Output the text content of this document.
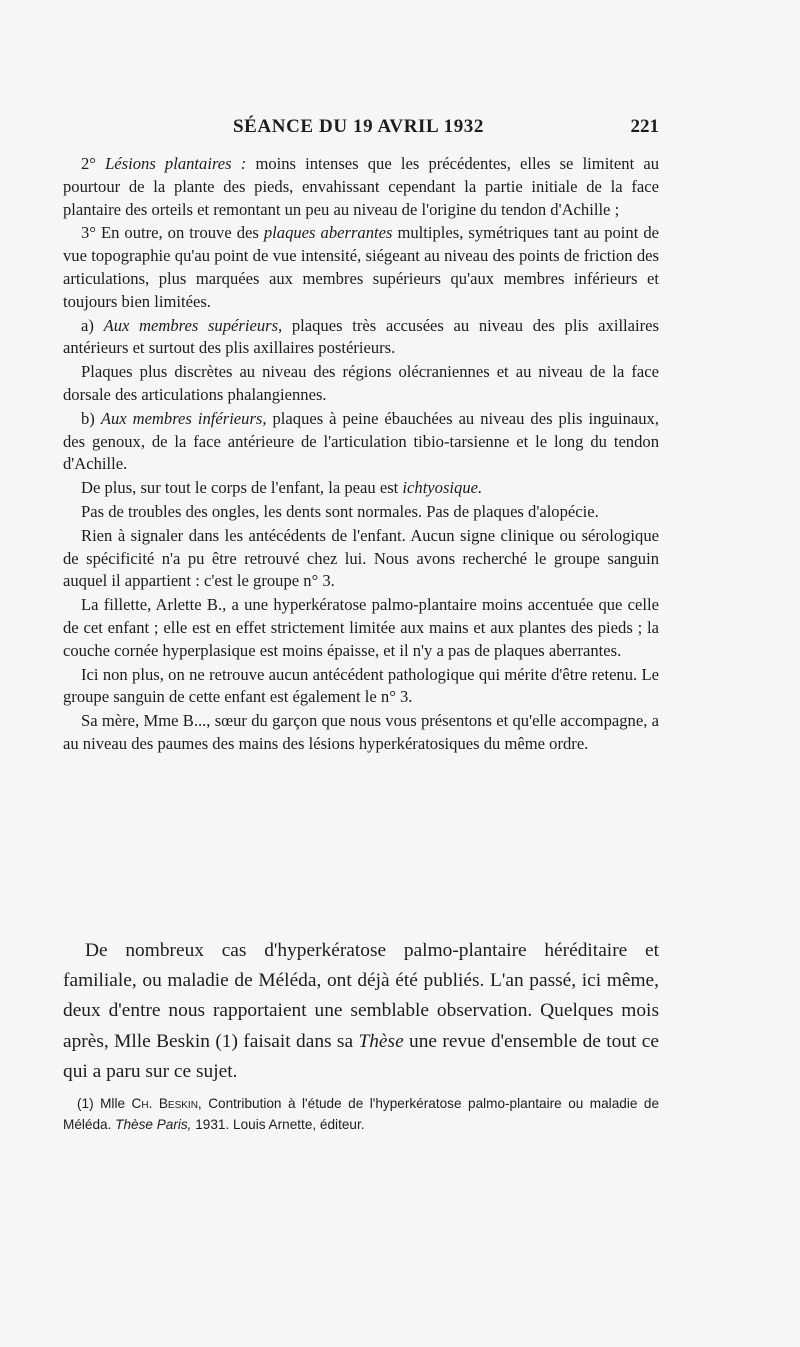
SÉANCE DU 19 AVRIL 1932	221

2° Lésions plantaires : moins intenses que les précédentes, elles se limitent au pourtour de la plante des pieds, envahissant cependant la partie initiale de la face plantaire des orteils et remontant un peu au niveau de l'origine du tendon d'Achille ;

3° En outre, on trouve des plaques aberrantes multiples, symétriques tant au point de vue topographie qu'au point de vue intensité, siégeant au niveau des points de friction des articulations, plus marquées aux membres supérieurs qu'aux membres inférieurs et toujours bien limitées.

a) Aux membres supérieurs, plaques très accusées au niveau des plis axillaires antérieurs et surtout des plis axillaires postérieurs.

Plaques plus discrètes au niveau des régions olécraniennes et au niveau de la face dorsale des articulations phalangiennes.

b) Aux membres inférieurs, plaques à peine ébauchées au niveau des plis inguinaux, des genoux, de la face antérieure de l'articulation tibio-tarsienne et le long du tendon d'Achille.

De plus, sur tout le corps de l'enfant, la peau est ichtyosique.

Pas de troubles des ongles, les dents sont normales. Pas de plaques d'alopécie.

Rien à signaler dans les antécédents de l'enfant. Aucun signe clinique ou sérologique de spécificité n'a pu être retrouvé chez lui. Nous avons recherché le groupe sanguin auquel il appartient : c'est le groupe n° 3.

La fillette, Arlette B., a une hyperkératose palmo-plantaire moins accentuée que celle de cet enfant ; elle est en effet strictement limitée aux mains et aux plantes des pieds ; la couche cornée hyperplasique est moins épaisse, et il n'y a pas de plaques aberrantes.

Ici non plus, on ne retrouve aucun antécédent pathologique qui mérite d'être retenu. Le groupe sanguin de cette enfant est également le n° 3.

Sa mère, Mme B..., sœur du garçon que nous vous présentons et qu'elle accompagne, a au niveau des paumes des mains des lésions hyperkératosiques du même ordre.

De nombreux cas d'hyperkératose palmo-plantaire héréditaire et familiale, ou maladie de Méléda, ont déjà été publiés. L'an passé, ici même, deux d'entre nous rapportaient une semblable observation. Quelques mois après, Mlle Beskin (1) faisait dans sa Thèse une revue d'ensemble de tout ce qui a paru sur ce sujet.

(1) Mlle Ch. Beskin, Contribution à l'étude de l'hyperkératose palmo-plantaire ou maladie de Méléda. Thèse Paris, 1931. Louis Arnette, éditeur.
